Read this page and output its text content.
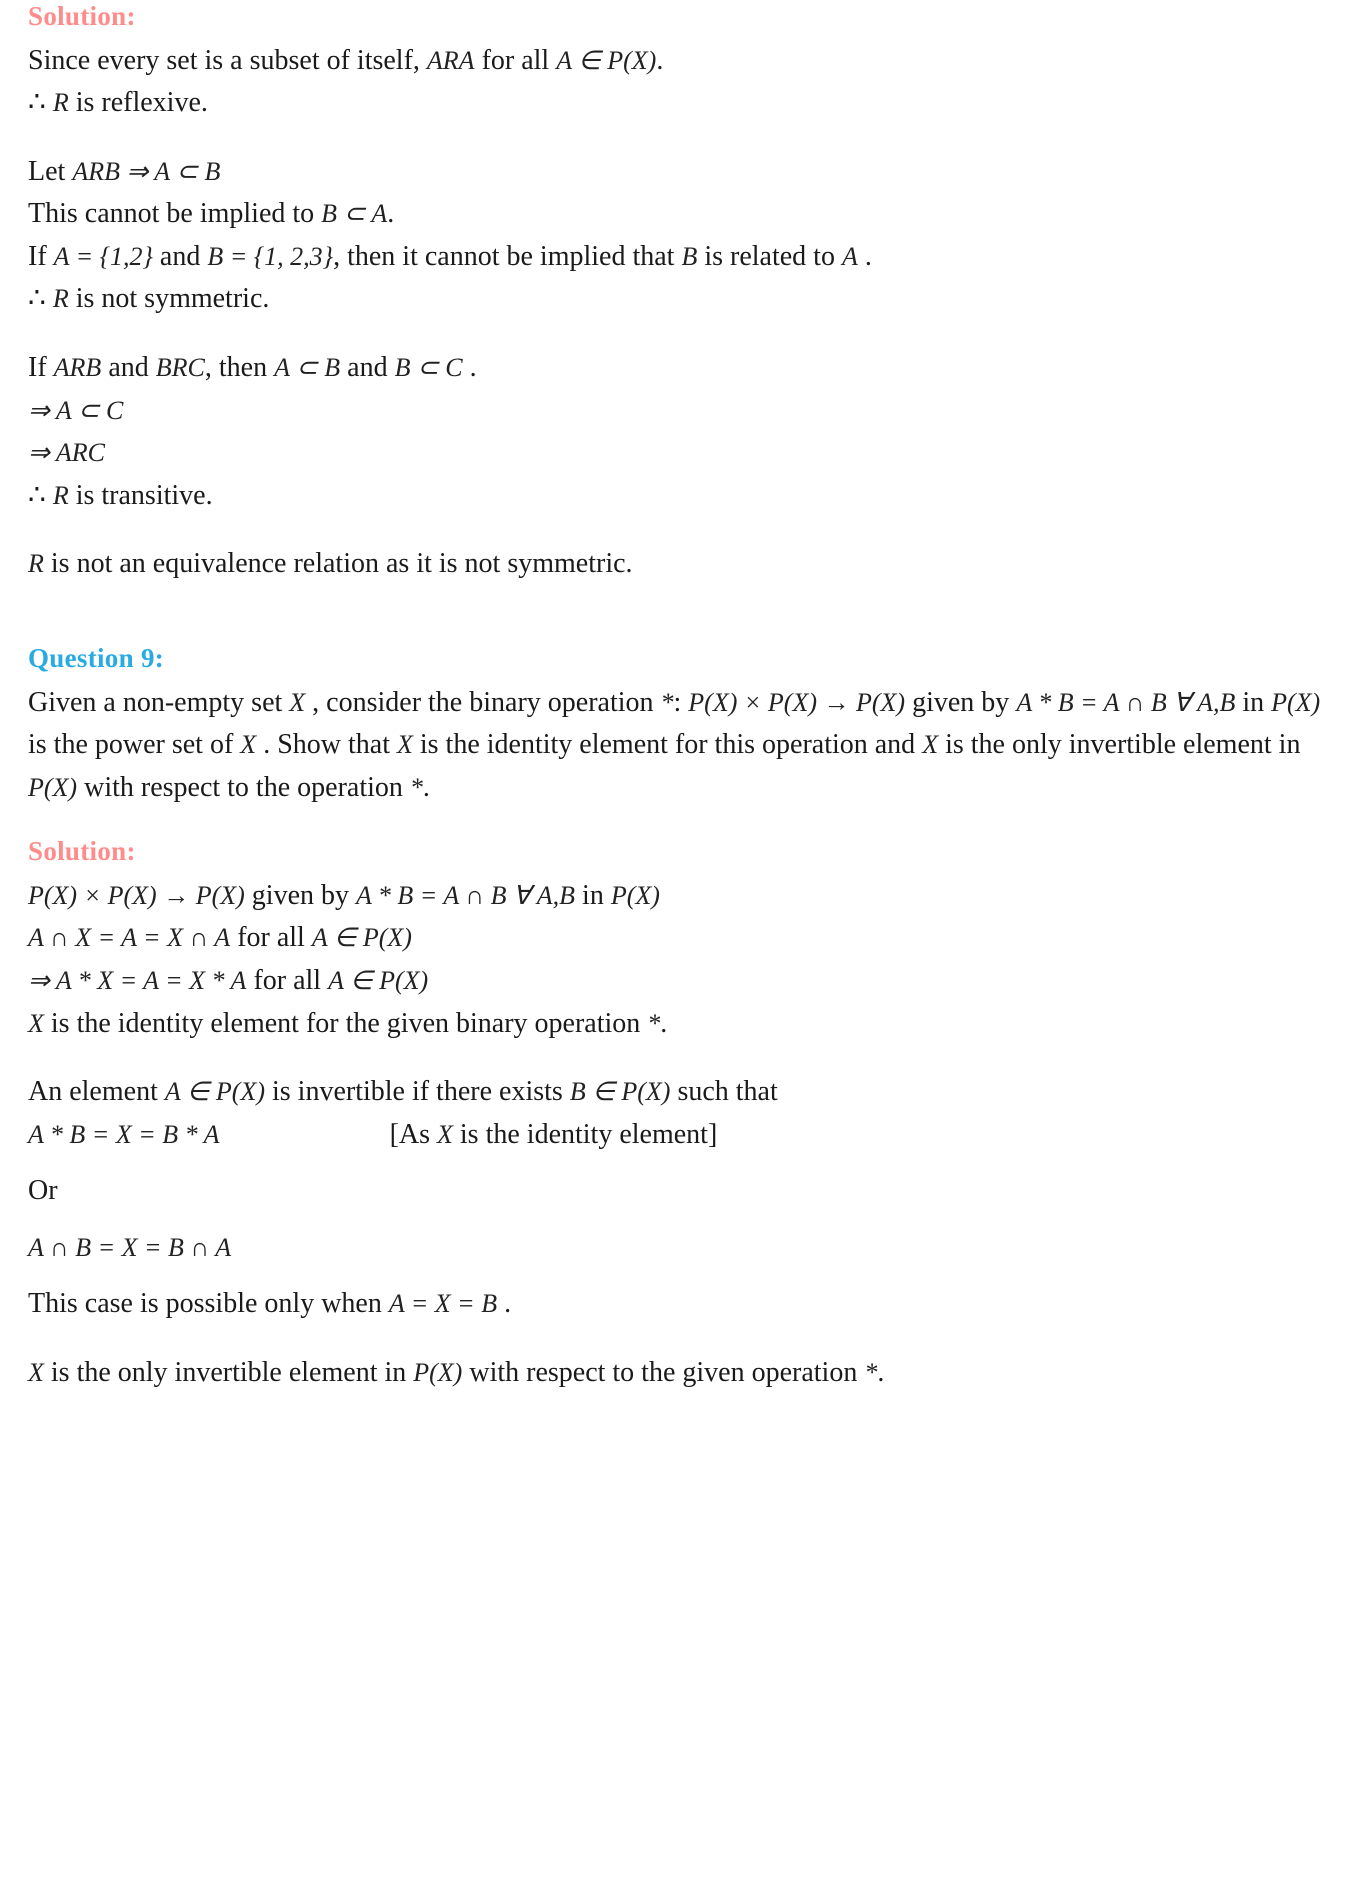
Solution:

Since every set is a subset of itself, ARA for all A ∈ P(X).

∴ R is reflexive.

Let ARB ⇒ A ⊂ B

This cannot be implied to B ⊂ A.

If A = {1,2} and B = {1, 2,3}, then it cannot be implied that B is related to A .

∴ R is not symmetric.

If ARB and BRC, then A ⊂ B and B ⊂ C .

⇒ A ⊂ C

⇒ ARC

∴ R is transitive.

R is not an equivalence relation as it is not symmetric.

Question 9:

Given a non-empty set X , consider the binary operation *: P(X) × P(X) → P(X) given by A * B = A ∩ B ∀ A,B in P(X) is the power set of X . Show that X is the identity element for this operation and X is the only invertible element in P(X) with respect to the operation *.

Solution:

P(X) × P(X) → P(X) given by A * B = A ∩ B ∀ A,B in P(X)

A ∩ X = A = X ∩ A for all A ∈ P(X)

⇒ A * X = A = X * A for all A ∈ P(X)

X is the identity element for the given binary operation *.

An element A ∈ P(X) is invertible if there exists B ∈ P(X) such that

A * B = X = B * A	[As X is the identity element]

Or

A ∩ B = X = B ∩ A

This case is possible only when A = X = B .

X is the only invertible element in P(X) with respect to the given operation *.
